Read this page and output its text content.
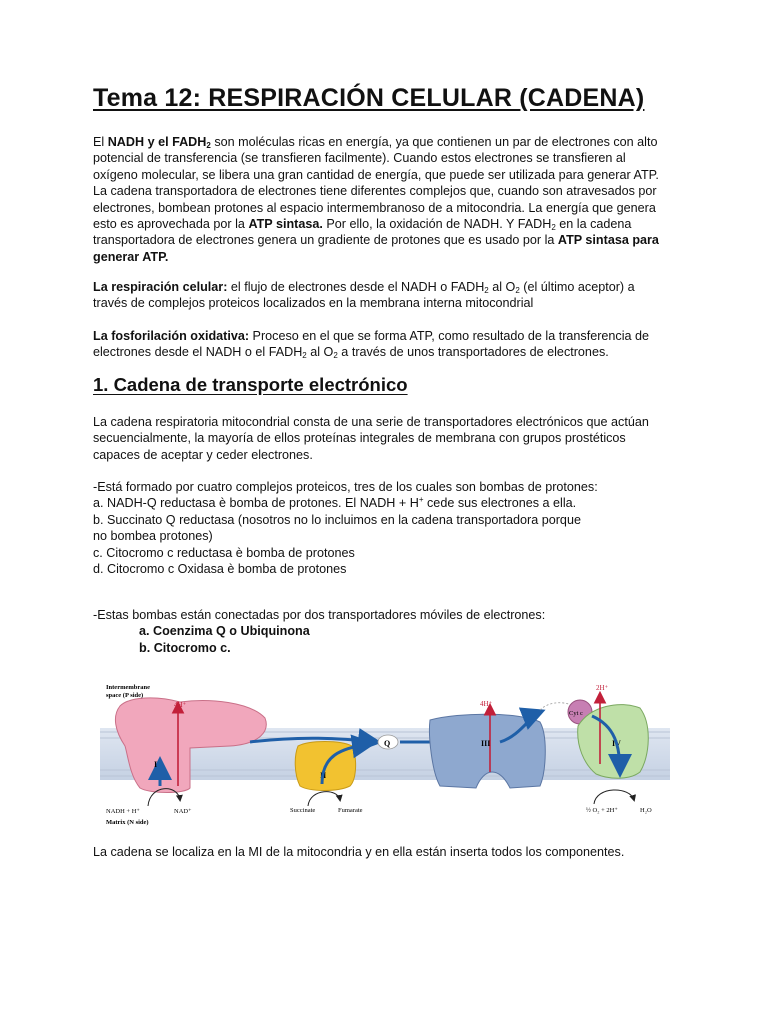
Tema 12: RESPIRACIÓN CELULAR (CADENA)
El NADH y el $FADH_2$ son moléculas ricas en energía, ya que contienen un par de electrones con alto
potencial de transferencia (se transfieren facilmente). Cuando estos electrones se transfieren al
oxígeno molecular, se libera una gran cantidad de energía, que puede ser utilizada para generar ATP.
La cadena transportadora de electrones tiene diferentes complejos que, cuando son atravesados por
electrones, bombean protones al espacio intermembranoso de a mitocondria. La energía que genera
esto es aprovechada por la ATP sintasa. Por ello, la oxidación de NADH. Y $FADH_2$ en la cadena
transportadora de electrones genera un gradiente de protones que es usado por la ATP sintasa para
generar ATP.
La respiración celular: el flujo de electrones desde el NADH o $FADH_2$ al $O_2$ (el último aceptor) a
través de complejos proteicos localizados en la membrana interna mitocondrial
La fosforilación oxidativa: Proceso en el que se forma ATP, como resultado de la transferencia de
electrones desde el NADH o el $FADH_2$ al $O_2$ a través de unos transportadores de electrones.
1. Cadena de transporte electrónico
La cadena respiratoria mitocondrial consta de una serie de transportadores electrónicos que actúan
secuencialmente, la mayoría de ellos proteínas integrales de membrana con grupos prostéticos
capaces de aceptar y ceder electrones.
-Está formado por cuatro complejos proteicos, tres de los cuales son bombas de protones:
a. NADH-Q reductasa è bomba de protones. El NADH + H+ cede sus electrones a ella.
b. Succinato Q reductasa (nosotros no lo incluimos en la cadena transportadora porque
no bombea protones)
c. Citocromo c reductasa è bomba de protones
d. Citocromo c Oxidasa è bomba de protones
-Estas bombas están conectadas por dos transportadores móviles de electrones:
a. Coenzima Q o Ubiquinona
b. Citocromo c.
4H⁺
I
II
Q
4H⁺
III
Cyt c
2H⁺
IV
Intermembrane
space (P side)
NADH + H⁺	NAD⁺
Matrix (N side)
Succinate	Fumarate	½ O₂ + 2H⁺	H₂O
La cadena se localiza en la MI de la mitocondria y en ella están inserta todos los componentes.
